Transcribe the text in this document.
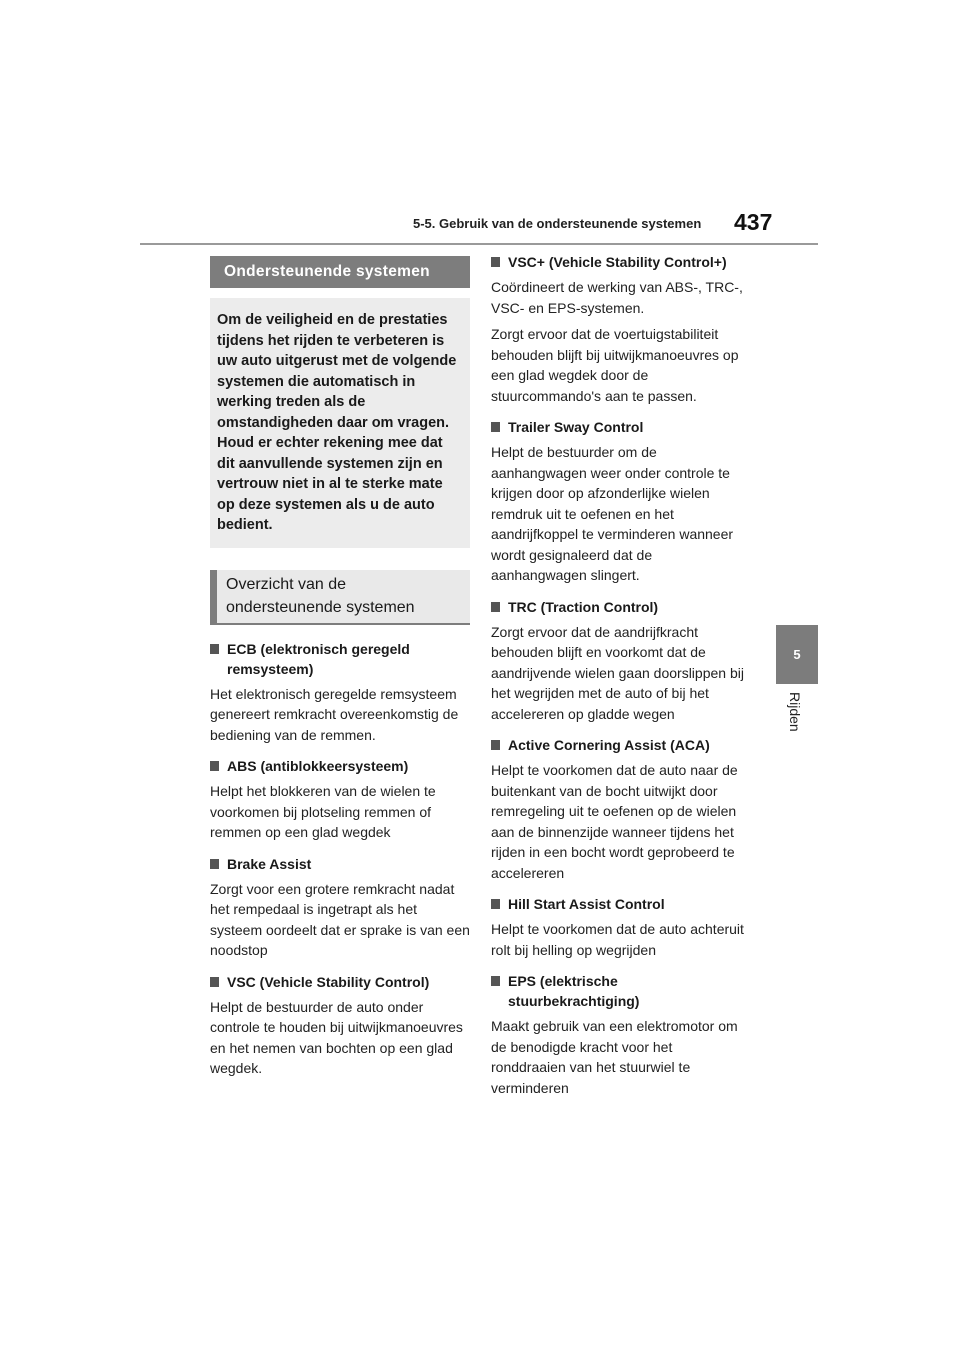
5-5. Gebruik van de ondersteunende systemen 437
5
Rijden
Ondersteunende systemen
Om de veiligheid en de prestaties tijdens het rijden te verbeteren is uw auto uitgerust met de volgende systemen die automatisch in werking treden als de omstandigheden daar om vragen. Houd er echter rekening mee dat dit aanvullende systemen zijn en vertrouw niet in al te sterke mate op deze systemen als u de auto bedient.
Overzicht van de ondersteunende systemen
ECB (elektronisch geregeld remsysteem)
Het elektronisch geregelde remsysteem genereert remkracht overeenkomstig de bediening van de remmen.
ABS (antiblokkeersysteem)
Helpt het blokkeren van de wielen te voorkomen bij plotseling remmen of remmen op een glad wegdek
Brake Assist
Zorgt voor een grotere remkracht nadat het rempedaal is ingetrapt als het systeem oordeelt dat er sprake is van een noodstop
VSC (Vehicle Stability Control)
Helpt de bestuurder de auto onder controle te houden bij uitwijkmanoeuvres en het nemen van bochten op een glad wegdek.
VSC+ (Vehicle Stability Control+)
Coördineert de werking van ABS-, TRC-, VSC- en EPS-systemen.
Zorgt ervoor dat de voertuigstabiliteit behouden blijft bij uitwijkmanoeuvres op een glad wegdek door de stuurcommando's aan te passen.
Trailer Sway Control
Helpt de bestuurder om de aanhangwagen weer onder controle te krijgen door op afzonderlijke wielen remdruk uit te oefenen en het aandrijfkoppel te verminderen wanneer wordt gesignaleerd dat de aanhangwagen slingert.
TRC (Traction Control)
Zorgt ervoor dat de aandrijfkracht behouden blijft en voorkomt dat de aandrijvende wielen gaan doorslippen bij het wegrijden met de auto of bij het accelereren op gladde wegen
Active Cornering Assist (ACA)
Helpt te voorkomen dat de auto naar de buitenkant van de bocht uitwijkt door remregeling uit te oefenen op de wielen aan de binnenzijde wanneer tijdens het rijden in een bocht wordt geprobeerd te accelereren
Hill Start Assist Control
Helpt te voorkomen dat de auto achteruit rolt bij helling op wegrijden
EPS (elektrische stuurbekrachtiging)
Maakt gebruik van een elektromotor om de benodigde kracht voor het ronddraaien van het stuurwiel te verminderen
